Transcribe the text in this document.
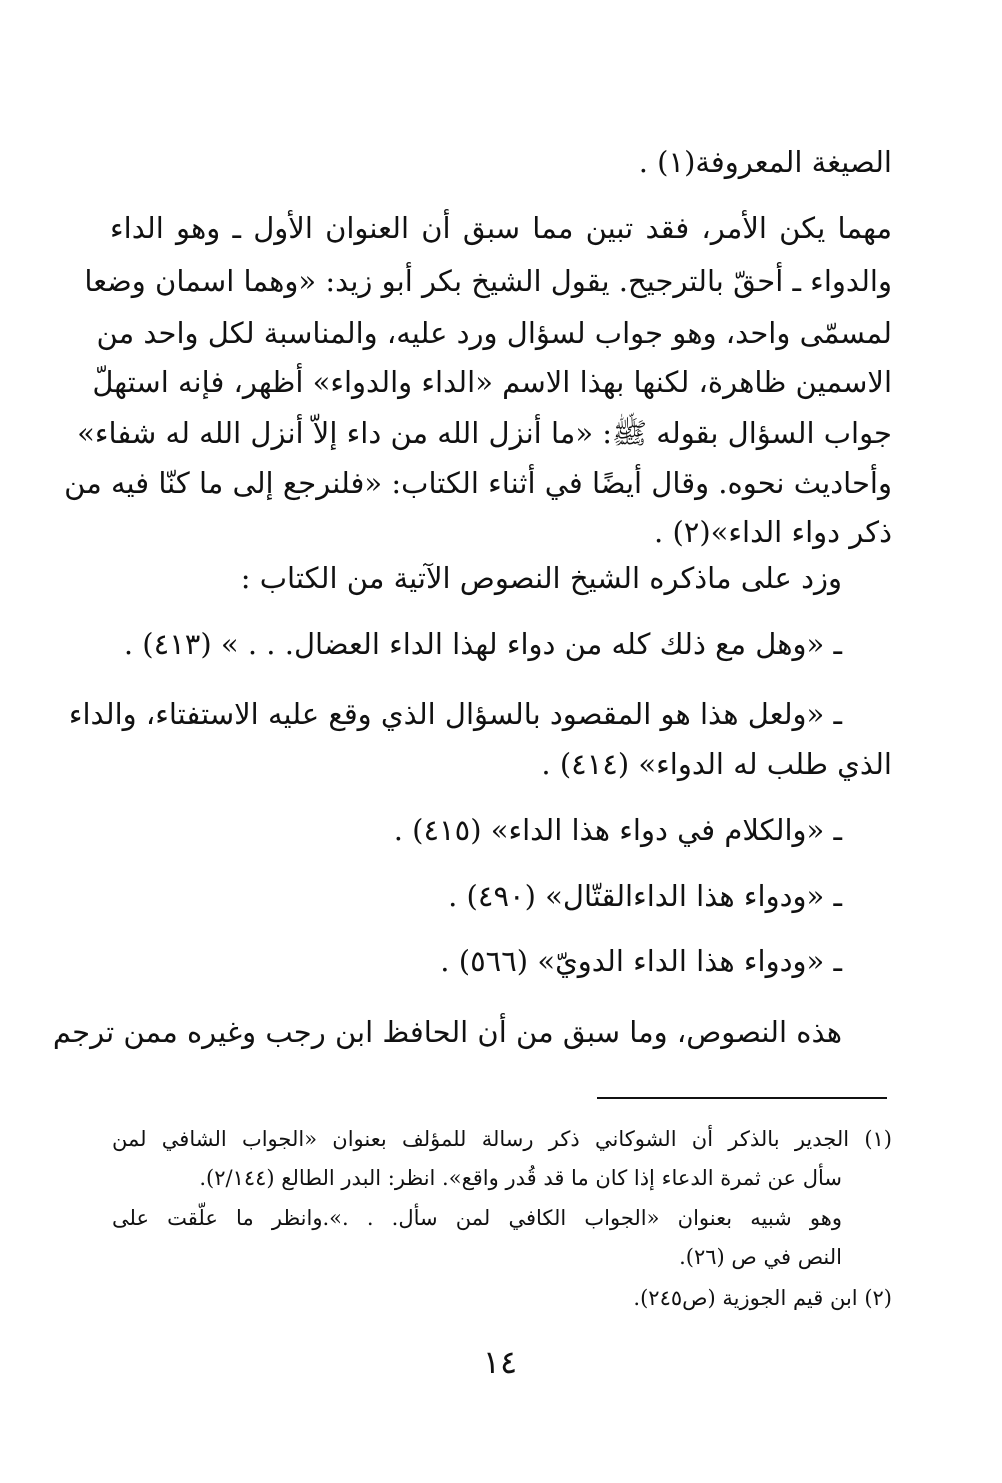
الصيغة المعروفة(١) .
مهما يكن الأمر، فقد تبين مما سبق أن العنوان الأول ـ وهو الداء
والدواء ـ أحقّ بالترجيح. يقول الشيخ بكر أبو زيد: «وهما اسمان وضعا
لمسمّى واحد، وهو جواب لسؤال ورد عليه، والمناسبة لكل واحد من
الاسمين ظاهرة، لكنها بهذا الاسم «الداء والدواء» أظهر، فإنه استهلّ
جواب السؤال بقوله ﷺ: «ما أنزل الله من داء إلاّ أنزل الله له شفاء»
وأحاديث نحوه. وقال أيضًا في أثناء الكتاب: «فلنرجع إلى ما كنّا فيه من
ذكر دواء الداء»(٢) .
وزد على ماذكره الشيخ النصوص الآتية من الكتاب :
ـ «وهل مع ذلك كله من دواء لهذا الداء العضال. . . » (٤١٣) .
ـ «ولعل هذا هو المقصود بالسؤال الذي وقع عليه الاستفتاء، والداء
الذي طلب له الدواء» (٤١٤) .
ـ «والكلام في دواء هذا الداء» (٤١٥) .
ـ «ودواء هذا الداءالقتّال» (٤٩٠) .
ـ «ودواء هذا الداء الدويّ» (٥٦٦) .
هذه النصوص، وما سبق من أن الحافظ ابن رجب وغيره ممن ترجم
(١) الجدير بالذكر أن الشوكاني ذكر رسالة للمؤلف بعنوان «الجواب الشافي لمن
سأل عن ثمرة الدعاء إذا كان ما قد قُدر واقع». انظر: البدر الطالع (٢/١٤٤).
وهو شبيه بعنوان «الجواب الكافي لمن سأل. . .».وانظر ما علّقت على
النص في ص (٢٦).
(٢) ابن قيم الجوزية (ص٢٤٥).
١٤
